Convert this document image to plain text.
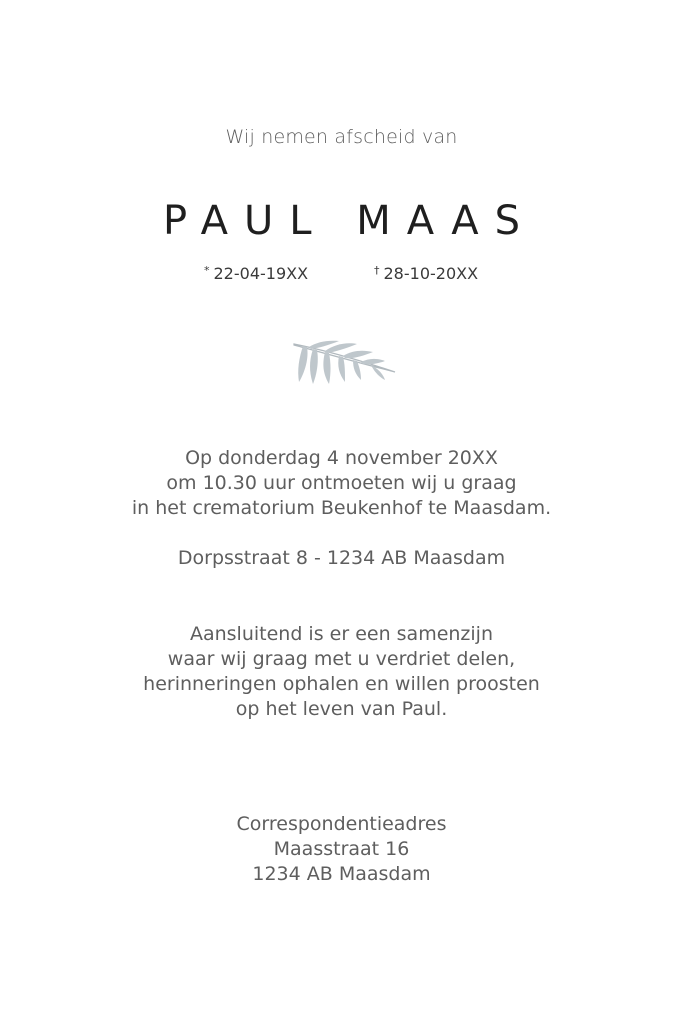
Wij nemen afscheid van
PAUL MAAS
* 22-04-19XX	† 28-10-20XX
Op donderdag 4 november 20XX
om 10.30 uur ontmoeten wij u graag
in het crematorium Beukenhof te Maasdam.
Dorpsstraat 8 - 1234 AB Maasdam
Aansluitend is er een samenzijn
waar wij graag met u verdriet delen,
herinneringen ophalen en willen proosten
op het leven van Paul.
Correspondentieadres
Maasstraat 16
1234 AB Maasdam
